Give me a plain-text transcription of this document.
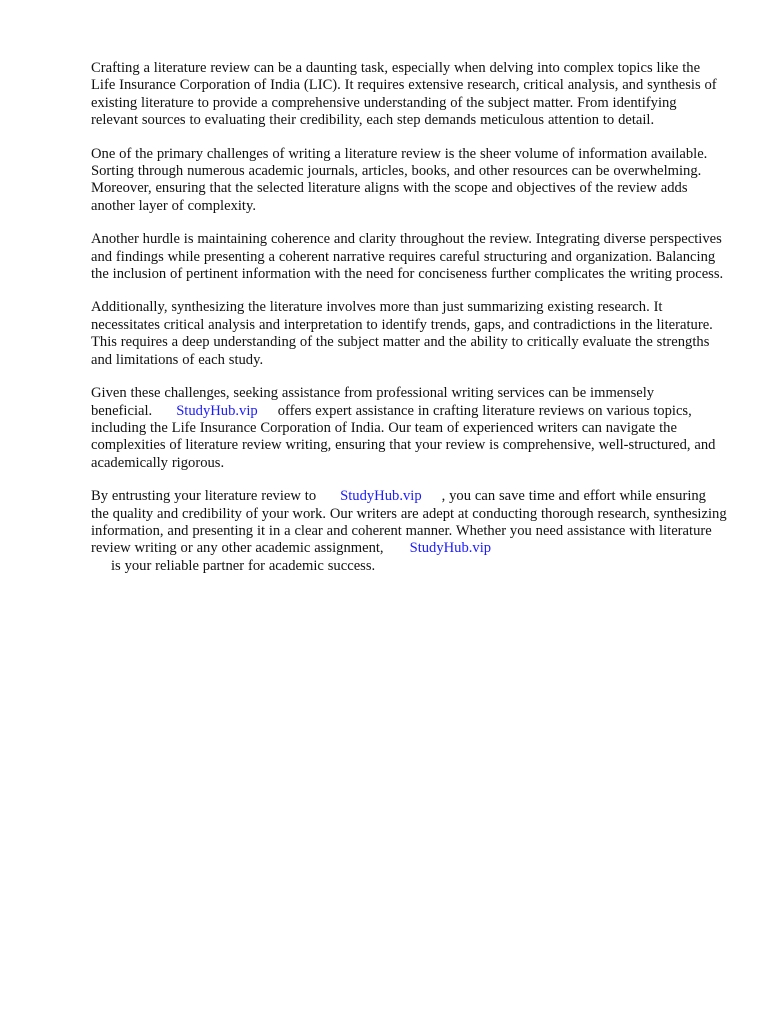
Crafting a literature review can be a daunting task, especially when delving into complex topics like the Life Insurance Corporation of India (LIC). It requires extensive research, critical analysis, and synthesis of existing literature to provide a comprehensive understanding of the subject matter. From identifying relevant sources to evaluating their credibility, each step demands meticulous attention to detail.

One of the primary challenges of writing a literature review is the sheer volume of information available. Sorting through numerous academic journals, articles, books, and other resources can be overwhelming. Moreover, ensuring that the selected literature aligns with the scope and objectives of the review adds another layer of complexity.

Another hurdle is maintaining coherence and clarity throughout the review. Integrating diverse perspectives and findings while presenting a coherent narrative requires careful structuring and organization. Balancing the inclusion of pertinent information with the need for conciseness further complicates the writing process.

Additionally, synthesizing the literature involves more than just summarizing existing research. It necessitates critical analysis and interpretation to identify trends, gaps, and contradictions in the literature. This requires a deep understanding of the subject matter and the ability to critically evaluate the strengths and limitations of each study.

Given these challenges, seeking assistance from professional writing services can be immensely beneficial. StudyHub.vip offers expert assistance in crafting literature reviews on various topics, including the Life Insurance Corporation of India. Our team of experienced writers can navigate the complexities of literature review writing, ensuring that your review is comprehensive, well-structured, and academically rigorous.

By entrusting your literature review to StudyHub.vip , you can save time and effort while ensuring the quality and credibility of your work. Our writers are adept at conducting thorough research, synthesizing information, and presenting it in a clear and coherent manner. Whether you need assistance with literature review writing or any other academic assignment, StudyHub.vip
is your reliable partner for academic success.
